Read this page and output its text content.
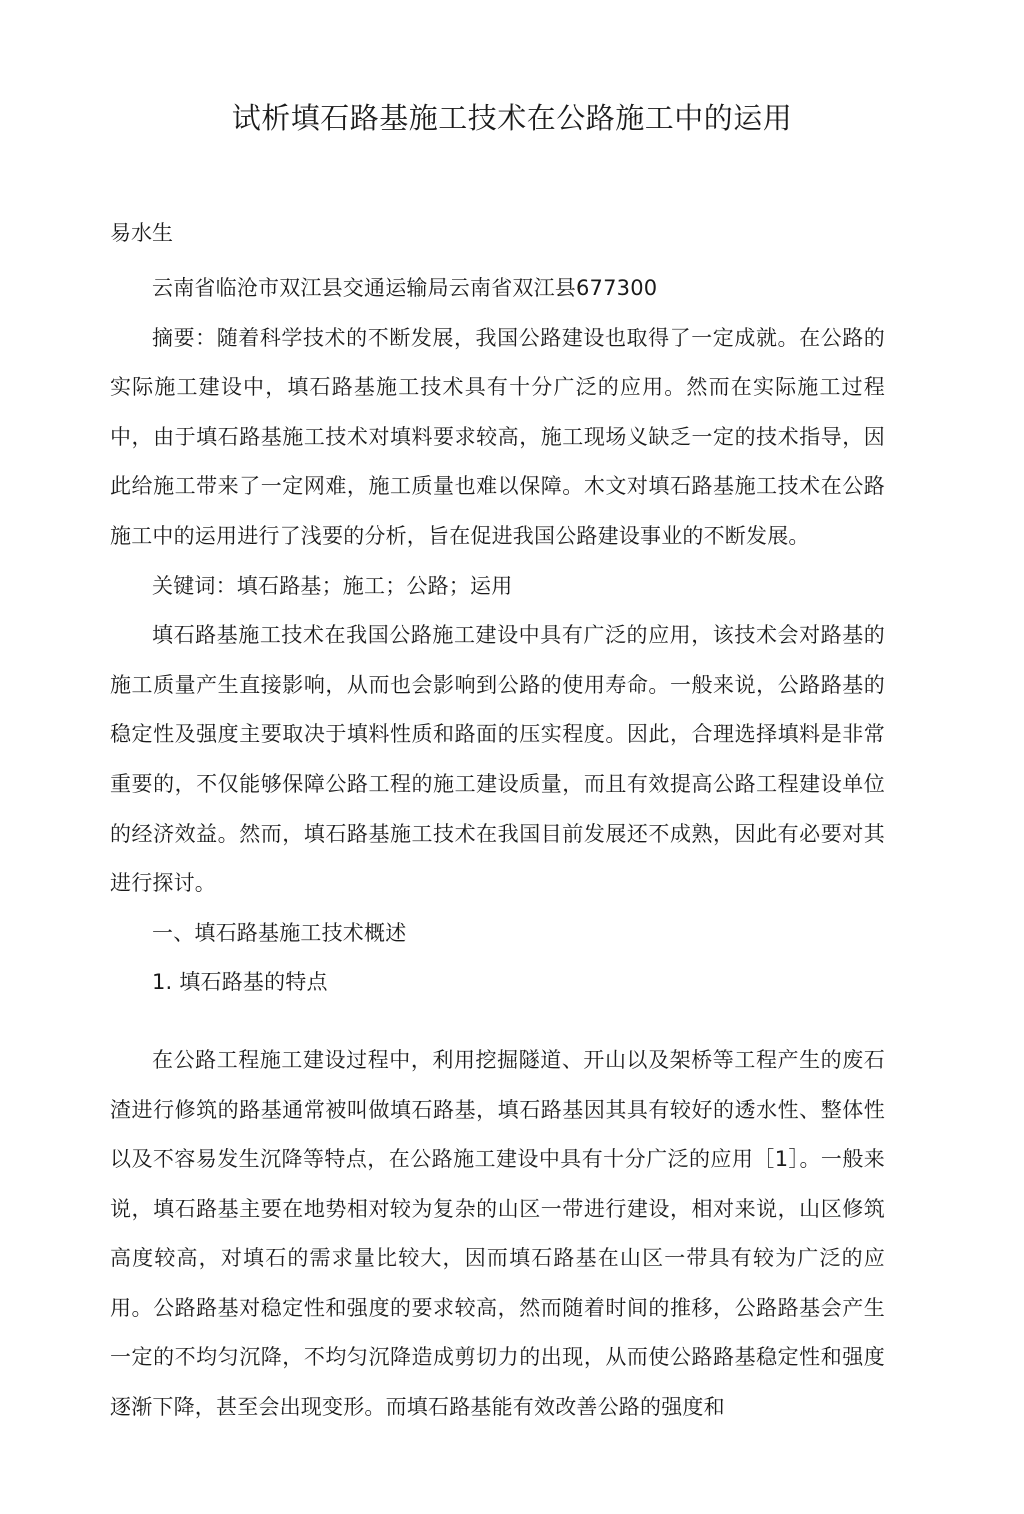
试析填石路基施工技术在公路施工中的运用
易水生

云南省临沧市双江县交通运输局云南省双江县677300

摘要：随着科学技术的不断发展，我国公路建设也取得了一定成就。在公路的实际施工建设中，填石路基施工技术具有十分广泛的应用。然而在实际施工过程中，由于填石路基施工技术对填料要求较高，施工现场义缺乏一定的技术指导，因此给施工带来了一定网难，施工质量也难以保障。木文对填石路基施工技术在公路施工中的运用进行了浅要的分析，旨在促进我国公路建设事业的不断发展。

关键词：填石路基；施工；公路；运用

填石路基施工技术在我国公路施工建设中具有广泛的应用，该技术会对路基的施工质量产生直接影响，从而也会影响到公路的使用寿命。一般来说，公路路基的稳定性及强度主要取决于填料性质和路面的压实程度。因此，合理选择填料是非常重要的，不仅能够保障公路工程的施工建设质量，而且有效提高公路工程建设单位的经济效益。然而，填石路基施工技术在我国目前发展还不成熟，因此有必要对其进行探讨。

一、填石路基施工技术概述

1. 填石路基的特点

在公路工程施工建设过程中，利用挖掘隧道、开山以及架桥等工程产生的废石渣进行修筑的路基通常被叫做填石路基，填石路基因其具有较好的透水性、整体性以及不容易发生沉降等特点，在公路施工建设中具有十分广泛的应用［1］。一般来说，填石路基主要在地势相对较为复杂的山区一带进行建设，相对来说，山区修筑高度较高，对填石的需求量比较大，因而填石路基在山区一带具有较为广泛的应用。公路路基对稳定性和强度的要求较高，然而随着时间的推移，公路路基会产生一定的不均匀沉降，不均匀沉降造成剪切力的出现，从而使公路路基稳定性和强度逐渐下降，甚至会出现变形。而填石路基能有效改善公路的强度和
